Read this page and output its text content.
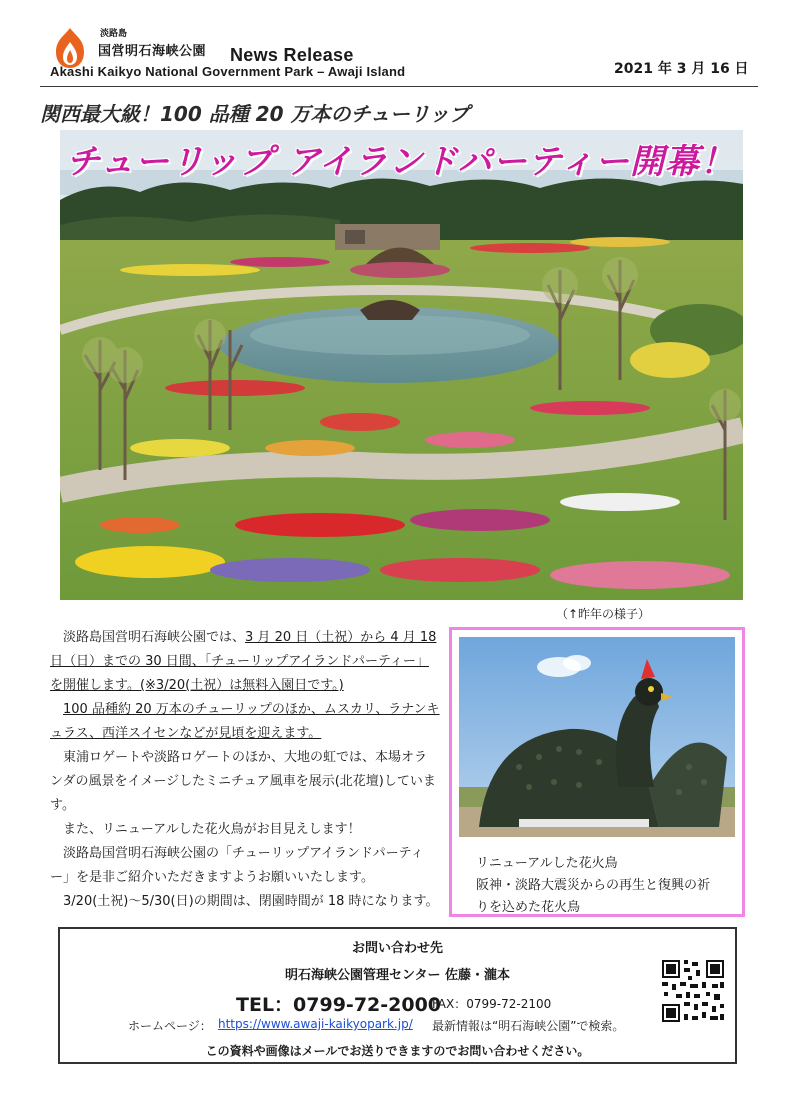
淡路島
国営明石海峡公園 News Release
Akashi Kaikyo National Government Park – Awaji Island	2021 年 3 月 16 日
関西最大級！100 品種 20 万本のチューリップ
チューリップ アイランドパーティー開幕！
（↑昨年の様子）

　淡路島国営明石海峡公園では、3 月 20 日（土祝）から 4 月 18 日（日）までの 30 日間、「チューリップアイランドパーティー」を開催します。(※3/20(土祝）は無料入園日です。)

　100 品種約 20 万本のチューリップのほか、ムスカリ、ラナンキュラス、西洋スイセンなどが見頃を迎えます。

　東浦ロゲートや淡路ロゲートのほか、大地の虹では、本場オランダの風景をイメージしたミニチュア風車を展示(北花壇)しています。

　また、リニューアルした花火鳥がお目見えします！

　淡路島国営明石海峡公園の「チューリップアイランドパーティー」を是非ご紹介いただきますようお願いいたします。

　3/20(土祝)～5/30(日)の期間は、閉園時間が 18 時になります。

リニューアルした花火鳥
阪神・淡路大震災からの再生と復興の祈
りを込めた花火鳥
お問い合わせ先
明石海峡公園管理センター 佐藤・瀧本
TEL：0799-72-2000
FAX：0799-72-2100
ホームページ： https://www.awaji-kaikyopark.jp/ 最新情報は“明石海峡公園”で検索。
この資料や画像はメールでお送りできますのでお問い合わせください。
